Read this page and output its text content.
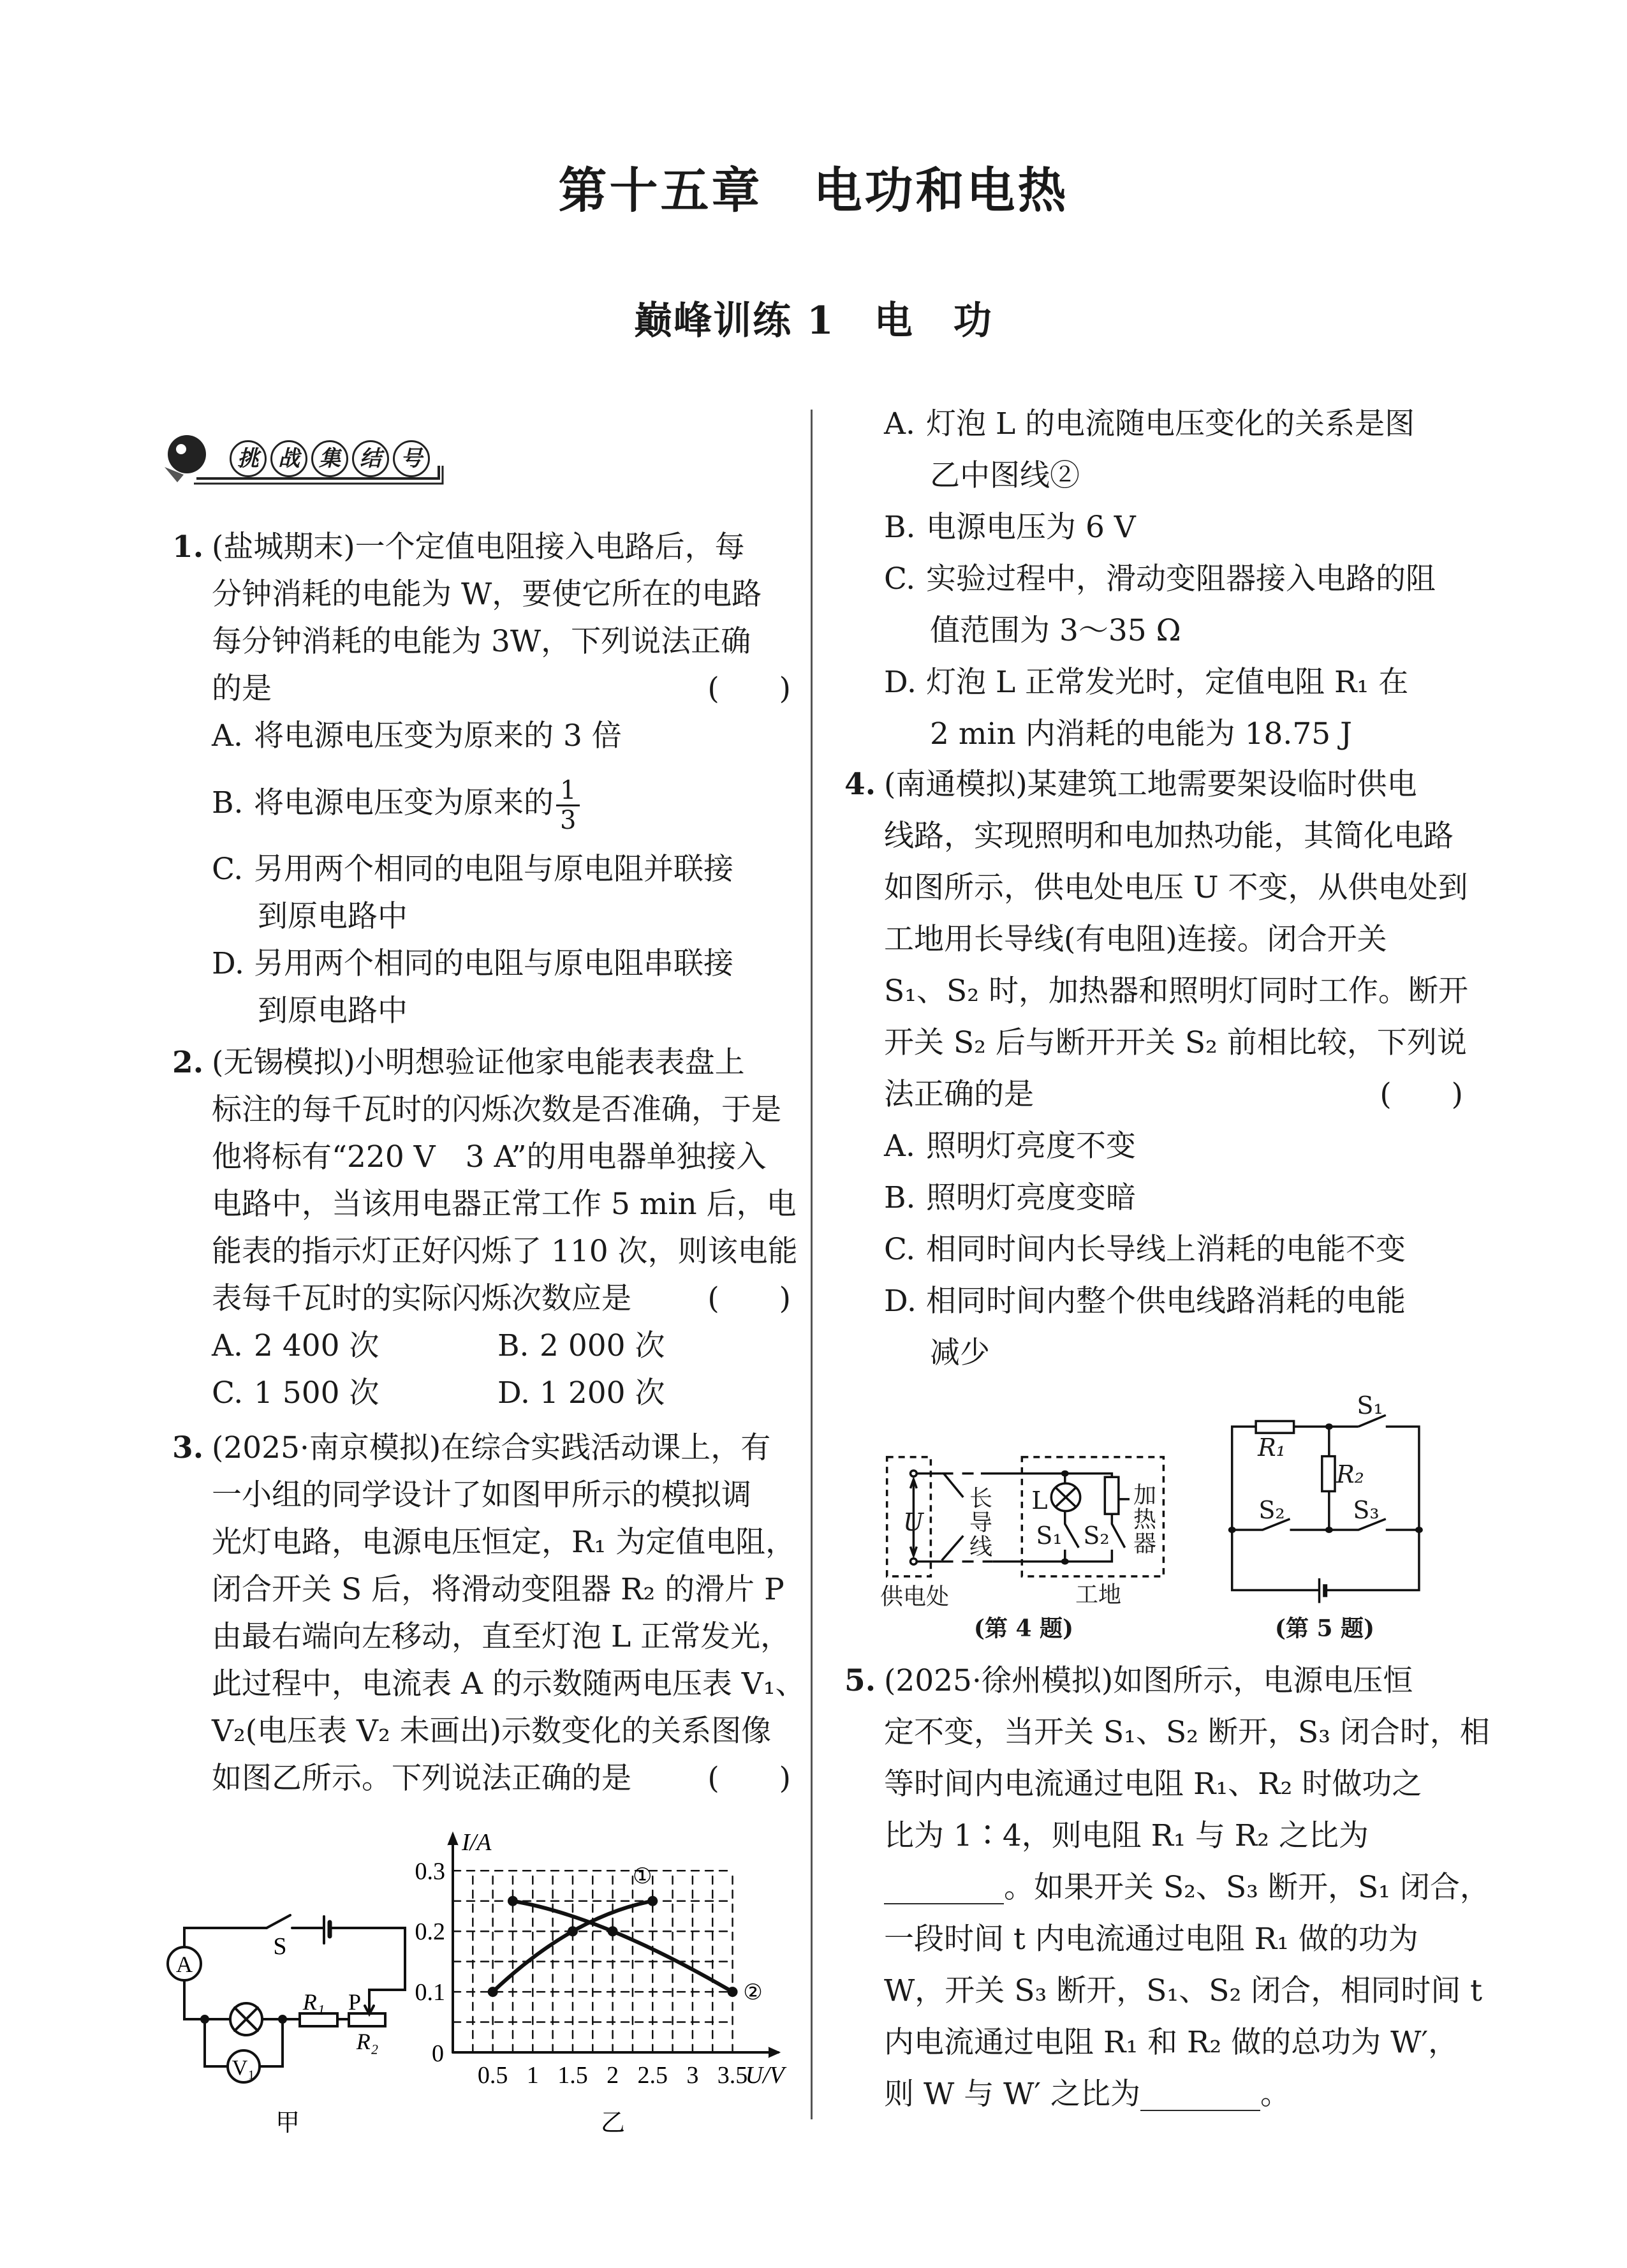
第十五章　电功和电热
巅峰训练 1　电　功
挑 战 集 结 号
1. (盐城期末)一个定值电阻接入电路后，每
分钟消耗的电能为 W，要使它所在的电路
每分钟消耗的电能为 3W，下列说法正确
的是	(　　)
A. 将电源电压变为原来的 3 倍
B. 将电源电压变为原来的 $\frac{1}{3}$
C. 另用两个相同的电阻与原电阻并联接
到原电路中
D. 另用两个相同的电阻与原电阻串联接
到原电路中
2. (无锡模拟)小明想验证他家电能表表盘上
标注的每千瓦时的闪烁次数是否准确，于是
他将标有“220 V　3 A”的用电器单独接入
电路中，当该用电器正常工作 5 min 后，电
能表的指示灯正好闪烁了 110 次，则该电能
表每千瓦时的实际闪烁次数应是	(　　)
A. 2 400 次	B. 2 000 次
C. 1 500 次	D. 1 200 次
3. (2025·南京模拟)在综合实践活动课上，有
一小组的同学设计了如图甲所示的模拟调
光灯电路，电源电压恒定，R₁ 为定值电阻，
闭合开关 S 后，将滑动变阻器 R₂ 的滑片 P
由最右端向左移动，直至灯泡 L 正常发光，
此过程中，电流表 A 的示数随两电压表 V₁、
V₂(电压表 V₂ 未画出)示数变化的关系图像
如图乙所示。下列说法正确的是	(　　)
A. 灯泡 L 的电流随电压变化的关系是图
乙中图线②
B. 电源电压为 6 V
C. 实验过程中，滑动变阻器接入电路的阻
值范围为 3～35 Ω
D. 灯泡 L 正常发光时，定值电阻 R₁ 在
2 min 内消耗的电能为 18.75 J
4. (南通模拟)某建筑工地需要架设临时供电
线路，实现照明和电加热功能，其简化电路
如图所示，供电处电压 U 不变，从供电处到
工地用长导线(有电阻)连接。闭合开关
S₁、S₂ 时，加热器和照明灯同时工作。断开
开关 S₂ 后与断开开关 S₂ 前相比较，下列说
法正确的是	(　　)
A. 照明灯亮度不变
B. 照明灯亮度变暗
C. 相同时间内长导线上消耗的电能不变
D. 相同时间内整个供电线路消耗的电能
减少
5. (2025·徐州模拟)如图所示，电源电压恒
定不变，当开关 S₁、S₂ 断开，S₃ 闭合时，相
等时间内电流通过电阻 R₁、R₂ 时做功之
比为 1∶4，则电阻 R₁ 与 R₂ 之比为
________。如果开关 S₂、S₃ 断开，S₁ 闭合，
一段时间 t 内电流通过电阻 R₁ 做的功为
W，开关 S₃ 断开，S₁、S₂ 闭合，相同时间 t
内电流通过电阻 R₁ 和 R₂ 做的总功为 W′，
则 W 与 W′ 之比为________。
S
A
V₁
R₁ P
R₂
0.5 1 1.5 2 2.5 3 3.5
0.1
0.2
0.3
0
I/A
U/V
①
②
甲	乙
U 长导线 L
S₁ S₂ 加热器
供电处	工地
(第 4 题)
S₁
R₁
R₂
S₂	S₃
(第 5 题)
